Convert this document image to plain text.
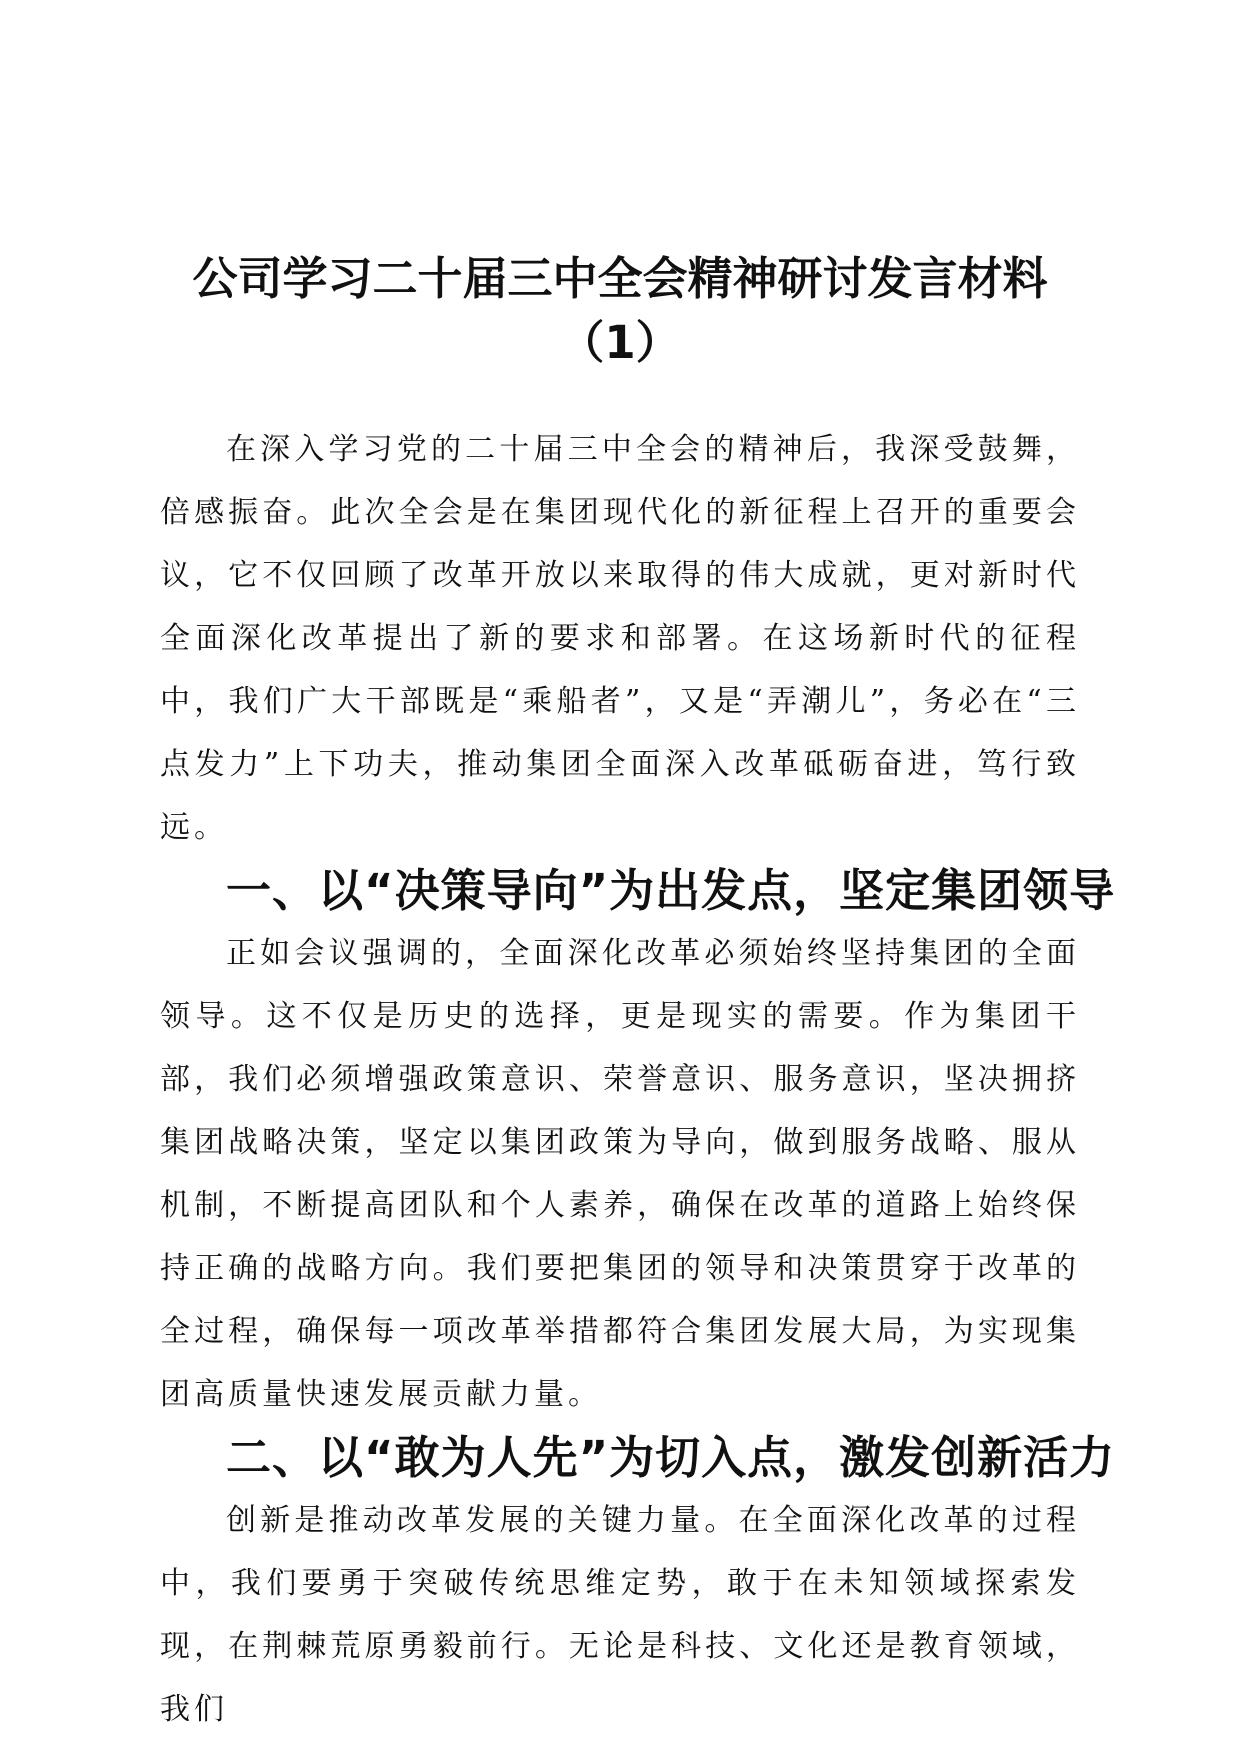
公司学习二十届三中全会精神研讨发言材料
（1）

在深入学习党的二十届三中全会的精神后，我深受鼓舞，倍感振奋。此次全会是在集团现代化的新征程上召开的重要会议，它不仅回顾了改革开放以来取得的伟大成就，更对新时代全面深化改革提出了新的要求和部署。在这场新时代的征程中，我们广大干部既是“乘船者”，又是“弄潮儿”，务必在“三点发力”上下功夫，推动集团全面深入改革砥砺奋进，笃行致远。

一、以“决策导向”为出发点，坚定集团领导

正如会议强调的，全面深化改革必须始终坚持集团的全面领导。这不仅是历史的选择，更是现实的需要。作为集团干部，我们必须增强政策意识、荣誉意识、服务意识，坚决拥挤集团战略决策，坚定以集团政策为导向，做到服务战略、服从机制，不断提高团队和个人素养，确保在改革的道路上始终保持正确的战略方向。我们要把集团的领导和决策贯穿于改革的全过程，确保每一项改革举措都符合集团发展大局，为实现集团高质量快速发展贡献力量。

二、以“敢为人先”为切入点，激发创新活力

创新是推动改革发展的关键力量。在全面深化改革的过程中，我们要勇于突破传统思维定势，敢于在未知领域探索发现，在荆棘荒原勇毅前行。无论是科技、文化还是教育领域，我们
